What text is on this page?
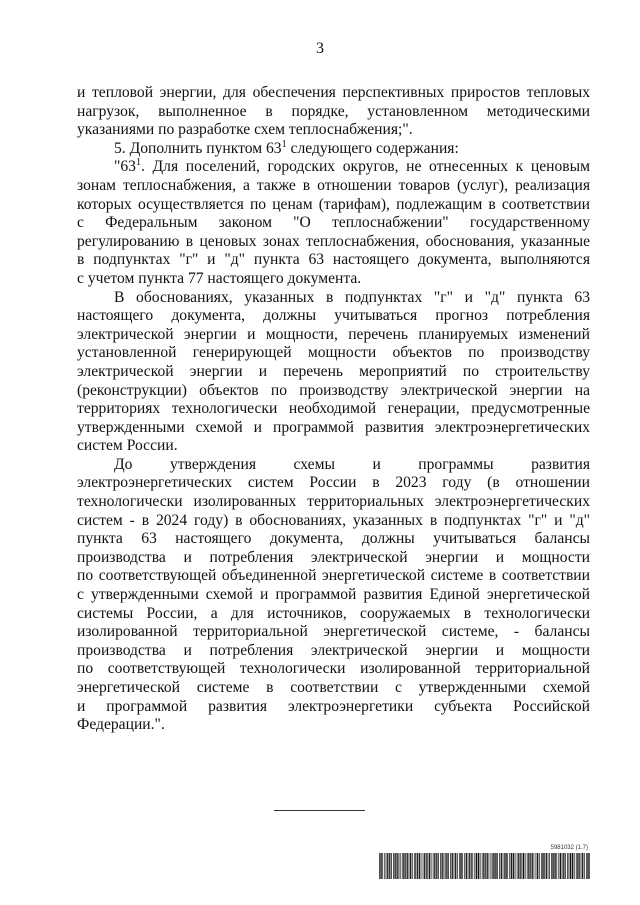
3
и тепловой энергии, для обеспечения перспективных приростов тепловых
нагрузок, выполненное в порядке, установленном методическими
указаниями по разработке схем теплоснабжения;".
5. Дополнить пунктом $63^1$ следующего содержания:
"$63^1$. Для поселений, городских округов, не отнесенных к ценовым
зонам теплоснабжения, а также в отношении товаров (услуг), реализация
которых осуществляется по ценам (тарифам), подлежащим в соответствии
с Федеральным законом "О теплоснабжении" государственному
регулированию в ценовых зонах теплоснабжения, обоснования, указанные
в подпунктах "г" и "д" пункта 63 настоящего документа, выполняются
с учетом пункта 77 настоящего документа.
В обоснованиях, указанных в подпунктах "г" и "д" пункта 63
настоящего документа, должны учитываться прогноз потребления
электрической энергии и мощности, перечень планируемых изменений
установленной генерирующей мощности объектов по производству
электрической энергии и перечень мероприятий по строительству
(реконструкции) объектов по производству электрической энергии на
территориях технологически необходимой генерации, предусмотренные
утвержденными схемой и программой развития электроэнергетических
систем России.
До утверждения схемы и программы развития
электроэнергетических систем России в 2023 году (в отношении
технологически изолированных территориальных электроэнергетических
систем - в 2024 году) в обоснованиях, указанных в подпунктах "г" и "д"
пункта 63 настоящего документа, должны учитываться балансы
производства и потребления электрической энергии и мощности
по соответствующей объединенной энергетической системе в соответствии
с утвержденными схемой и программой развития Единой энергетической
системы России, а для источников, сооружаемых в технологически
изолированной территориальной энергетической системе, - балансы
производства и потребления электрической энергии и мощности
по соответствующей технологически изолированной территориальной
энергетической системе в соответствии с утвержденными схемой
и программой развития электроэнергетики субъекта Российской
Федерации.".
5981032 (1.7)
